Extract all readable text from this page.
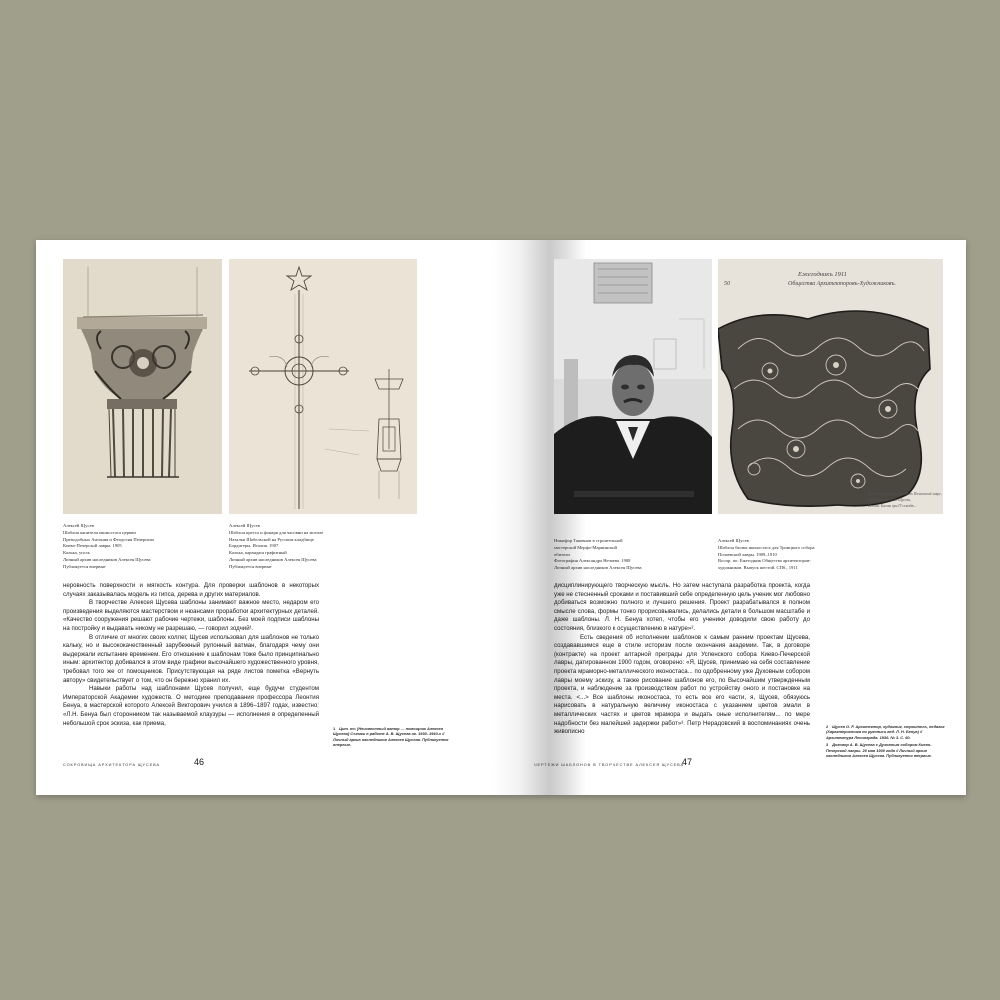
Алексей Щусев
Шаблон капители иконостаса церкви
Преподобных Антония и Феодосия Печерских
Киево-Печерской лавры. 1905
Калька, уголь
Личный архив наследников Алексея Щусева
Публикуется впервые
Алексей Щусев
Шаблон креста и фонаря для часовни на могиле
Натальи Шабельской на Русском кладбище
Бордигеры. Италия. 1907
Калька, карандаш графитный
Личный архив наследников Алексея Щусева
Публикуется впервые

неровность поверхности и мягкость контура. Для проверки шаблонов в некоторых случаях заказывалась модель из гипса, дерева и других материалов.

В творчестве Алексея Щусева шаблоны занимают важное место, недаром его произведения выделяются мастерством и нюансами проработки архитектурных деталей. «Качество сооружения решают рабочие чертежи, шаблоны. Без моей подписи шаблоны на постройку и выдавать никому не разрешаю, — говорил зодчий¹.

В отличие от многих своих коллег, Щусев использовал для шаблонов не только кальку, но и высококачественный зарубежный рулонный ватман, благодаря чему они выдержали испытание временем. Его отношение к шаблонам тоже было принципиально иным: архитектор добивался в этом виде графики высочайшего художественного уровня, требовал того же от помощников. Присутствующая на ряде листов пометка «Вернуть автору» свидетельствует о том, что он бережно хранил их.

Навыки работы над шаблонами Щусев получил, еще будучи студентом Императорской Академии художеств. О методике преподавания профессора Леонтия Бенуа, в мастерской которого Алексей Викторович учился в 1896–1897 годах, известно: «Л.Н. Бенуа был сторонником так называемой клаузуры — исполнения в определенный небольшой срок эскиза, как приема,

1 Цит. по: [Неизвестный автор — помощник Алексея Щусева] Съемки в работе А. В. Щусева ок. 1930–1940-х // Личный архив наследников Алексея Щусева. Публикуется впервые.
СОКРОВИЩА АРХИТЕКТОРА ЩУСЕВА	46
Ежегодникъ 1911
Общества Архитекторовъ-Художниковъ.
50
Деталь иконостаса храма въ Почаевской лавре,
Шаблонъ арх. А. В. Щусева,
Исполн. Басмы при IV съѣздѣ...
Никифор Таковнов в строительной
мастерской Мерфо-Мариинской
обители
Фотография Александра Нечаева. 1908
Личный архив наследников Алексея Щусева
Алексей Щусев
Шаблон басмы иконостаса для Троицкого собора
Почаевской лавры. 1909–1910
Воспр. по: Ежегодник Общества архитекторов-
художников. Выпуск шестой. СПб., 1911

дисциплинирующего творческую мысль. Но затем наступала разработка проекта, когда уже не стесненный сроками и поставивший себе определенную цель ученик мог любовно добиваться возможно полного и лучшего решения. Проект разрабатывался в полном смысле слова, формы тонко прорисовывались, делались детали в большом масштабе и даже шаблоны. Л. Н. Бенуа хотел, чтобы его ученики доводили свою работу до состояния, близкого к осуществлению в натуре»².

Есть сведения об исполнении шаблонов к самым ранним проектам Щусева, создававшимся еще в стиле историзм после окончания академии. Так, в договоре (контракте) на проект алтарной преграды для Успенского собора Киево-Печерской лавры, датированном 1900 годом, оговорено: «Я, Щусев, принимаю на себя составление проекта мраморно-металлического иконостаса... по одобренному уже Духовным собором лавры моему эскизу, а также рисование шаблонов его, по Высочайшим утвержденным проекта, и наблюдение за производством работ по устройству оного и постановке на места. <...> Все шаблоны иконостаса, то есть все его части, я, Щусев, обязуюсь нарисовать в натуральную величину иконостаса с указанием цветов эмали в металлических частях и цветов мрамора и выдать оные исполнителям... по мере надобности без малейшей задержки работ»³. Петр Нерадовский в воспоминаниях очень живописно

2 Щусев О. Р. Архитектор, художник, строитель, педагог (Характеристика по рукописи вед. Л. Н. Бенуа) // Архитектура Ленинграда. 1936. № 3. С. 60.
3 Договор А. В. Щусева с Духовным собором Киево-Печерской лавры. 20 мая 1900 года // Личный архив наследников Алексея Щусева. Публикуется впервые.
ЧЕРТЕЖИ ШАБЛОНОВ В ТВОРЧЕСТВЕ АЛЕКСЕЯ ЩУСЕВА
47
